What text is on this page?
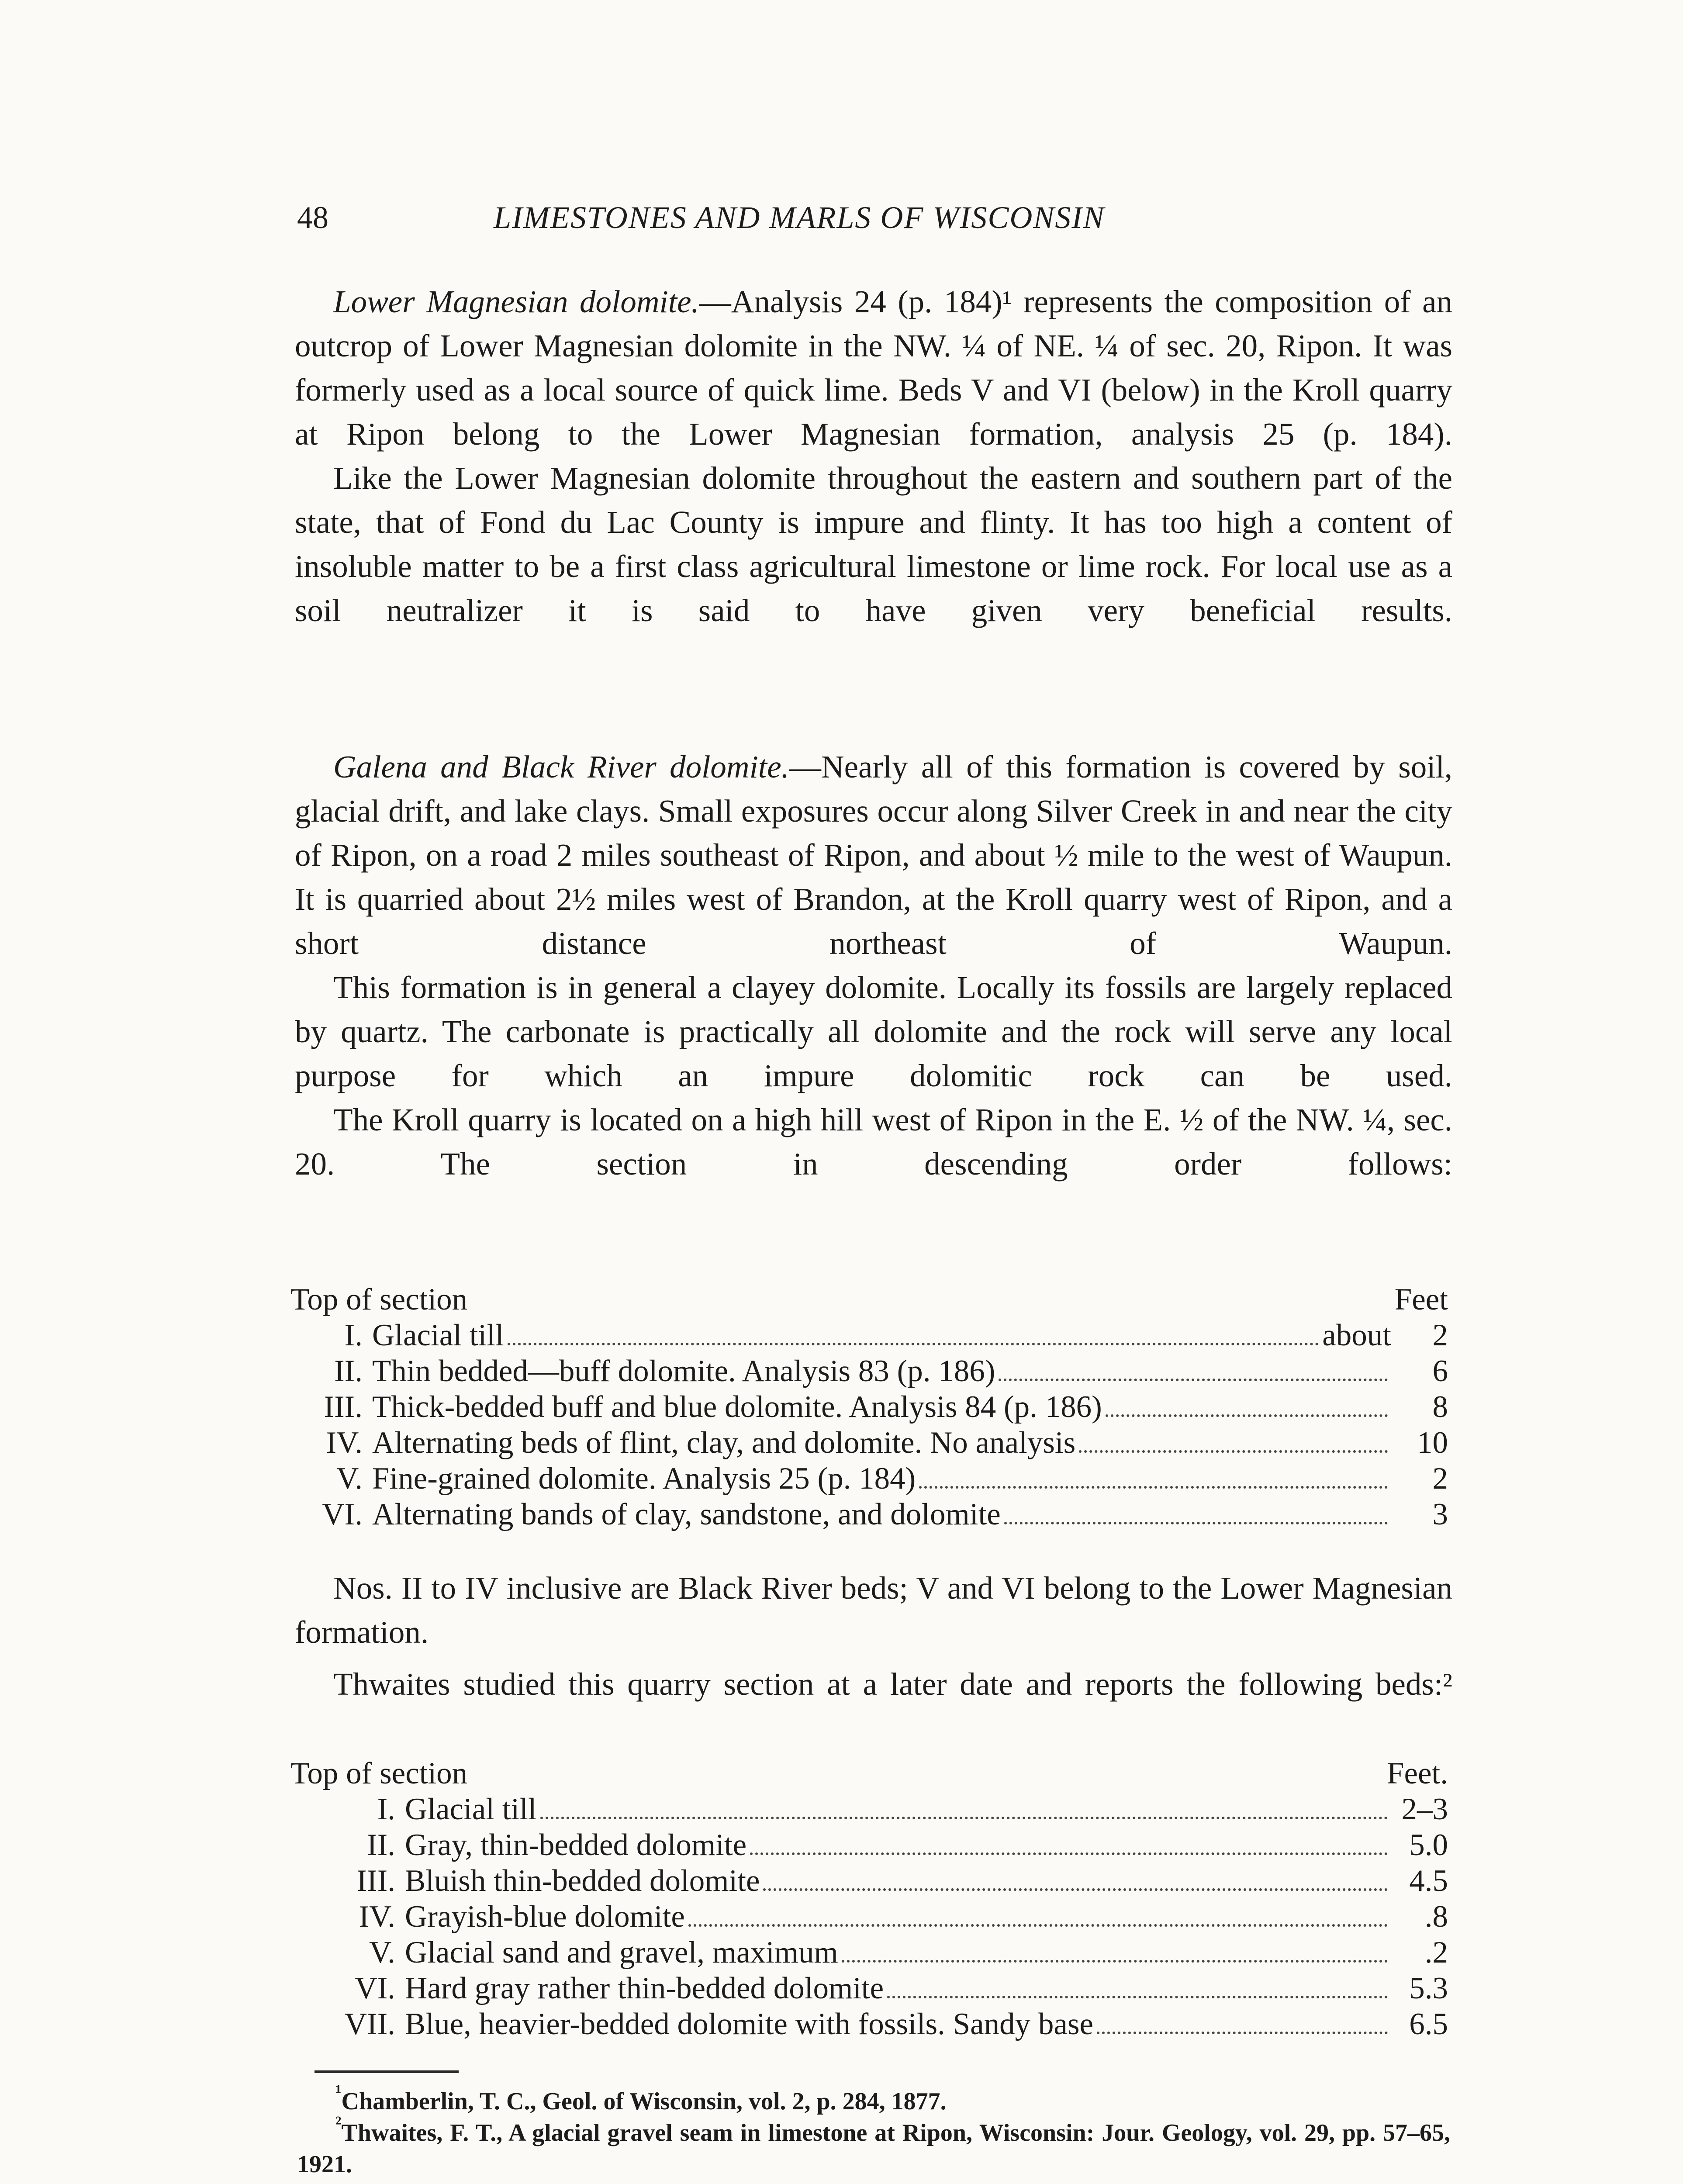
48	LIMESTONES AND MARLS OF WISCONSIN

Lower Magnesian dolomite.—Analysis 24 (p. 184)¹ represents the composition of an outcrop of Lower Magnesian dolomite in the NW. ¼ of NE. ¼ of sec. 20, Ripon. It was formerly used as a local source of quick lime. Beds V and VI (below) in the Kroll quarry at Ripon belong to the Lower Magnesian formation, analysis 25 (p. 184).

Like the Lower Magnesian dolomite throughout the eastern and southern part of the state, that of Fond du Lac County is impure and flinty. It has too high a content of insoluble matter to be a first class agricultural limestone or lime rock. For local use as a soil neutralizer it is said to have given very beneficial results.

Galena and Black River dolomite.—Nearly all of this formation is covered by soil, glacial drift, and lake clays. Small exposures occur along Silver Creek in and near the city of Ripon, on a road 2 miles southeast of Ripon, and about ½ mile to the west of Waupun. It is quarried about 2½ miles west of Brandon, at the Kroll quarry west of Ripon, and a short distance northeast of Waupun.

This formation is in general a clayey dolomite. Locally its fossils are largely replaced by quartz. The carbonate is practically all dolomite and the rock will serve any local purpose for which an impure dolomitic rock can be used.

The Kroll quarry is located on a high hill west of Ripon in the E. ½ of the NW. ¼, sec. 20. The section in descending order follows:

Top of section	Feet
I. Glacial till	about	2
II. Thin bedded—buff dolomite. Analysis 83 (p. 186)	6
III. Thick-bedded buff and blue dolomite. Analysis 84 (p. 186)	8
IV. Alternating beds of flint, clay, and dolomite. No analysis	10
V. Fine-grained dolomite. Analysis 25 (p. 184)	2
VI. Alternating bands of clay, sandstone, and dolomite	3

Nos. II to IV inclusive are Black River beds; V and VI belong to the Lower Magnesian formation.

Thwaites studied this quarry section at a later date and reports the following beds:²

Top of section	Feet.
I. Glacial till	2–3
II. Gray, thin-bedded dolomite	5.0
III. Bluish thin-bedded dolomite	4.5
IV. Grayish-blue dolomite	.8
V. Glacial sand and gravel, maximum	.2
VI. Hard gray rather thin-bedded dolomite	5.3
VII. Blue, heavier-bedded dolomite with fossils. Sandy base	6.5

$^{^1}$Chamberlin, T. C., Geol. of Wisconsin, vol. 2, p. 284, 1877.

$^{^2}$Thwaites, F. T., A glacial gravel seam in limestone at Ripon, Wisconsin: Jour. Geology, vol. 29, pp. 57–65, 1921.
